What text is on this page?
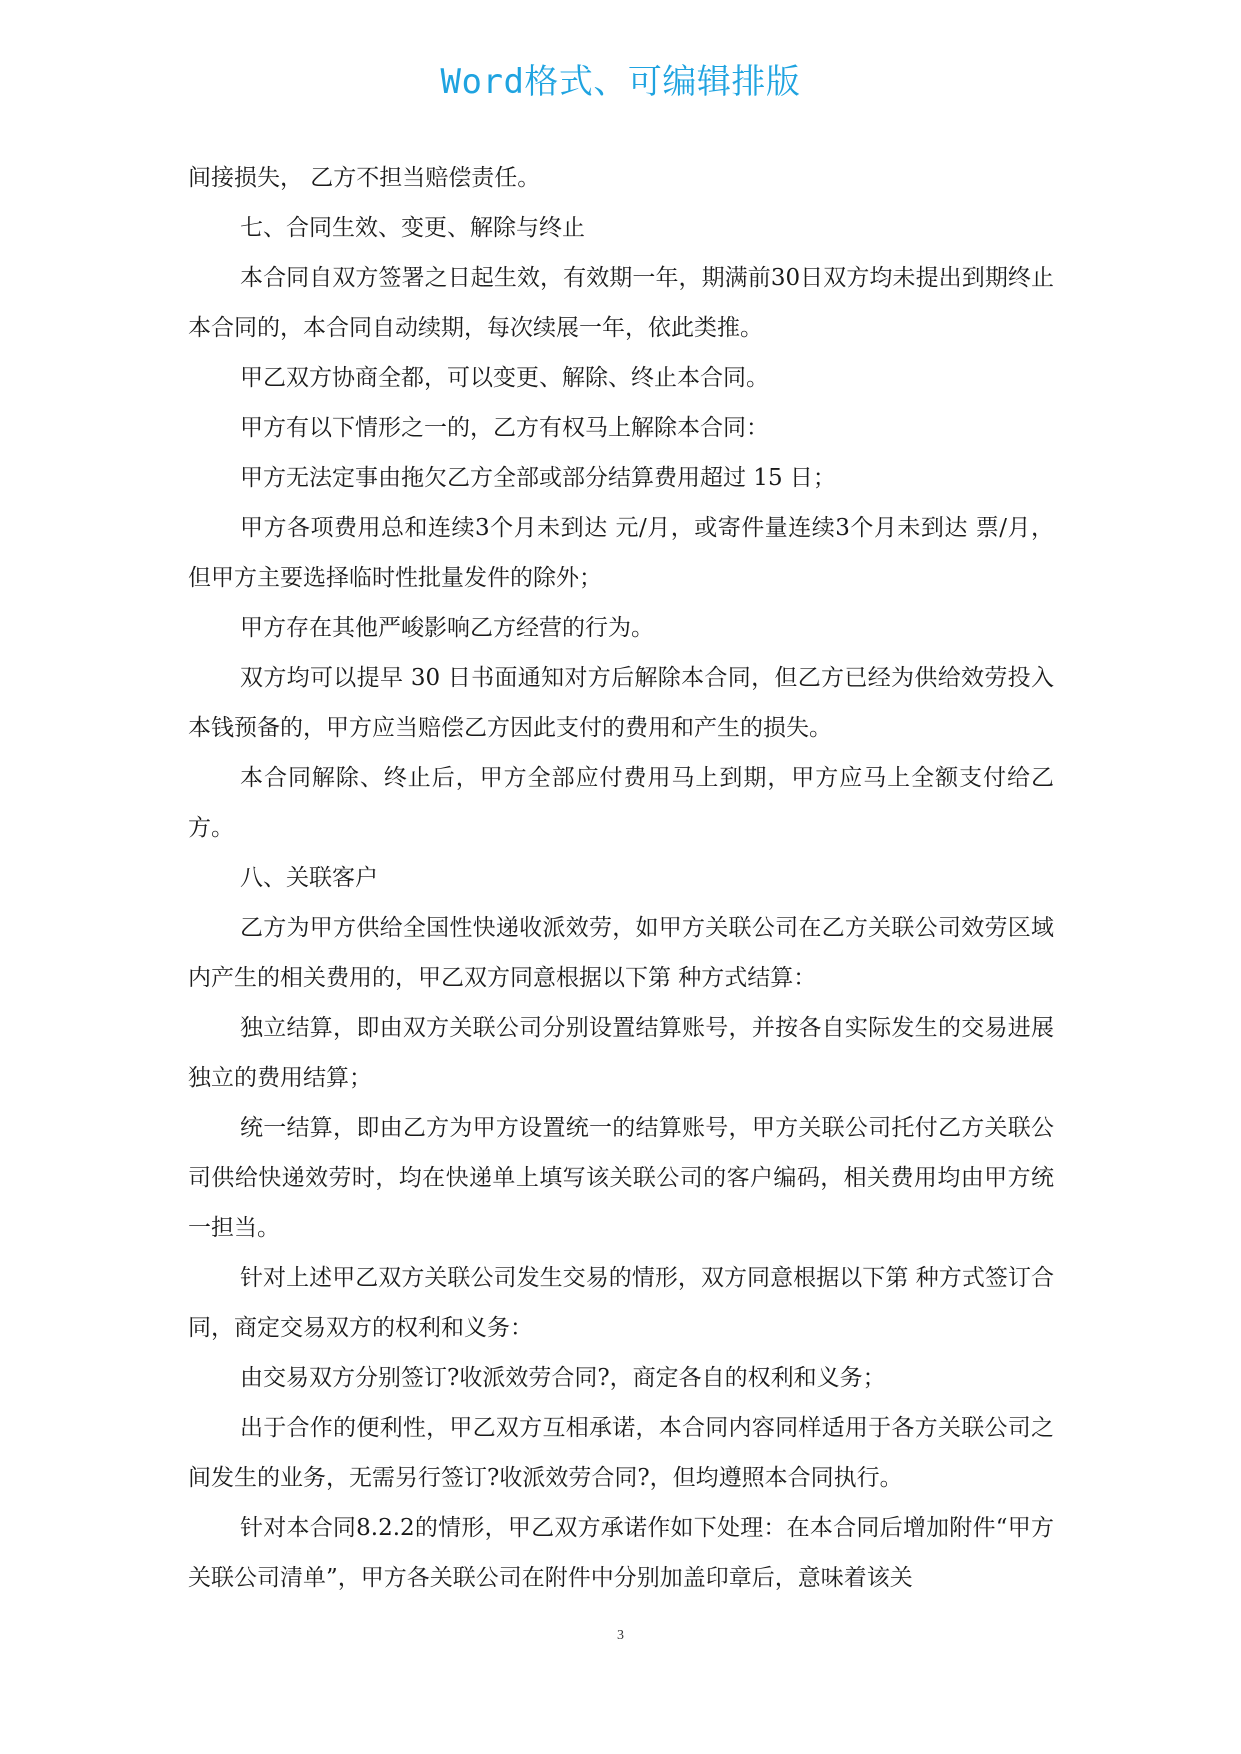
Word格式、可编辑排版

间接损失， 乙方不担当赔偿责任。

七、合同生效、变更、解除与终止

本合同自双方签署之日起生效，有效期一年，期满前30日双方均未提出到期终止本合同的，本合同自动续期，每次续展一年，依此类推。

甲乙双方协商全都，可以变更、解除、终止本合同。

甲方有以下情形之一的，乙方有权马上解除本合同：

甲方无法定事由拖欠乙方全部或部分结算费用超过 15 日；

甲方各项费用总和连续3个月未到达 元/月，或寄件量连续3个月未到达 票/月，但甲方主要选择临时性批量发件的除外；

甲方存在其他严峻影响乙方经营的行为。

双方均可以提早 30 日书面通知对方后解除本合同，但乙方已经为供给效劳投入本钱预备的，甲方应当赔偿乙方因此支付的费用和产生的损失。

本合同解除、终止后，甲方全部应付费用马上到期，甲方应马上全额支付给乙方。

八、关联客户

乙方为甲方供给全国性快递收派效劳，如甲方关联公司在乙方关联公司效劳区域内产生的相关费用的，甲乙双方同意根据以下第 种方式结算：

独立结算，即由双方关联公司分别设置结算账号，并按各自实际发生的交易进展独立的费用结算；

统一结算，即由乙方为甲方设置统一的结算账号，甲方关联公司托付乙方关联公司供给快递效劳时，均在快递单上填写该关联公司的客户编码，相关费用均由甲方统一担当。

针对上述甲乙双方关联公司发生交易的情形，双方同意根据以下第 种方式签订合同，商定交易双方的权利和义务：

由交易双方分别签订?收派效劳合同?，商定各自的权利和义务；

出于合作的便利性，甲乙双方互相承诺，本合同内容同样适用于各方关联公司之间发生的业务，无需另行签订?收派效劳合同?，但均遵照本合同执行。

针对本合同8.2.2的情形，甲乙双方承诺作如下处理：在本合同后增加附件“甲方关联公司清单”，甲方各关联公司在附件中分别加盖印章后，意味着该关

3
